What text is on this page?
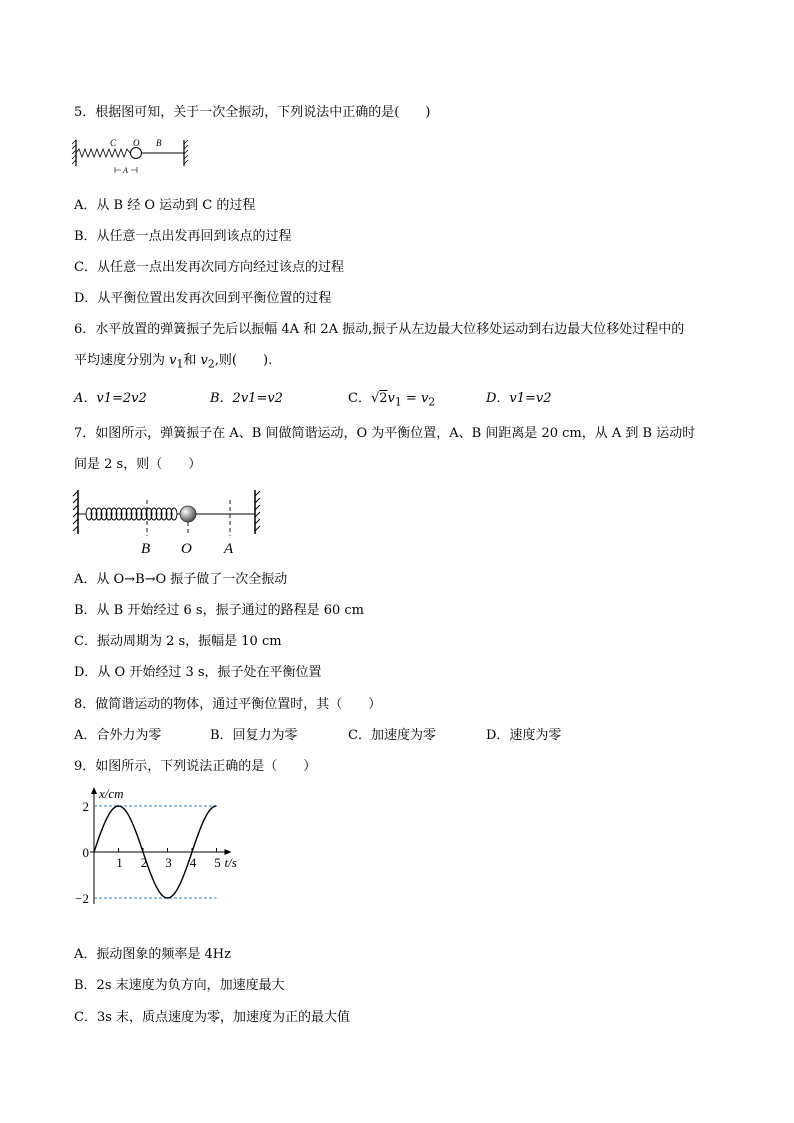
5．根据图可知，关于一次全振动，下列说法中正确的是(　　)
C O B
A
A．从 B 经 O 运动到 C 的过程
B．从任意一点出发再回到该点的过程
C．从任意一点出发再次同方向经过该点的过程
D．从平衡位置出发再次回到平衡位置的过程
6．水平放置的弹簧振子先后以振幅 4A 和 2A 振动,振子从左边最大位移处运动到右边最大位移处过程中的
平均速度分别为 $v_1$和 $v_2$,则(　　).
A．v1=2v2	B．2v1=v2	C．$√2v_1 = v_2$	D．v1=v2
7．如图所示，弹簧振子在 A、B 间做简谐运动，O 为平衡位置，A、B 间距离是 20 cm，从 A 到 B 运动时
间是 2 s，则（　　）
B O A
A．从 O→B→O 振子做了一次全振动
B．从 B 开始经过 6 s，振子通过的路程是 60 cm
C．振动周期为 2 s，振幅是 10 cm
D．从 O 开始经过 3 s，振子处在平衡位置
8．做简谐运动的物体，通过平衡位置时，其（　　）
A．合外力为零	B．回复力为零	C．加速度为零	D．速度为零
9．如图所示，下列说法正确的是（　　）
1 2 3 4 5
2
0
−2
x/cm
t/s
A．振动图象的频率是 4Hz
B．2s 末速度为负方向，加速度最大
C．3s 末，质点速度为零，加速度为正的最大值
